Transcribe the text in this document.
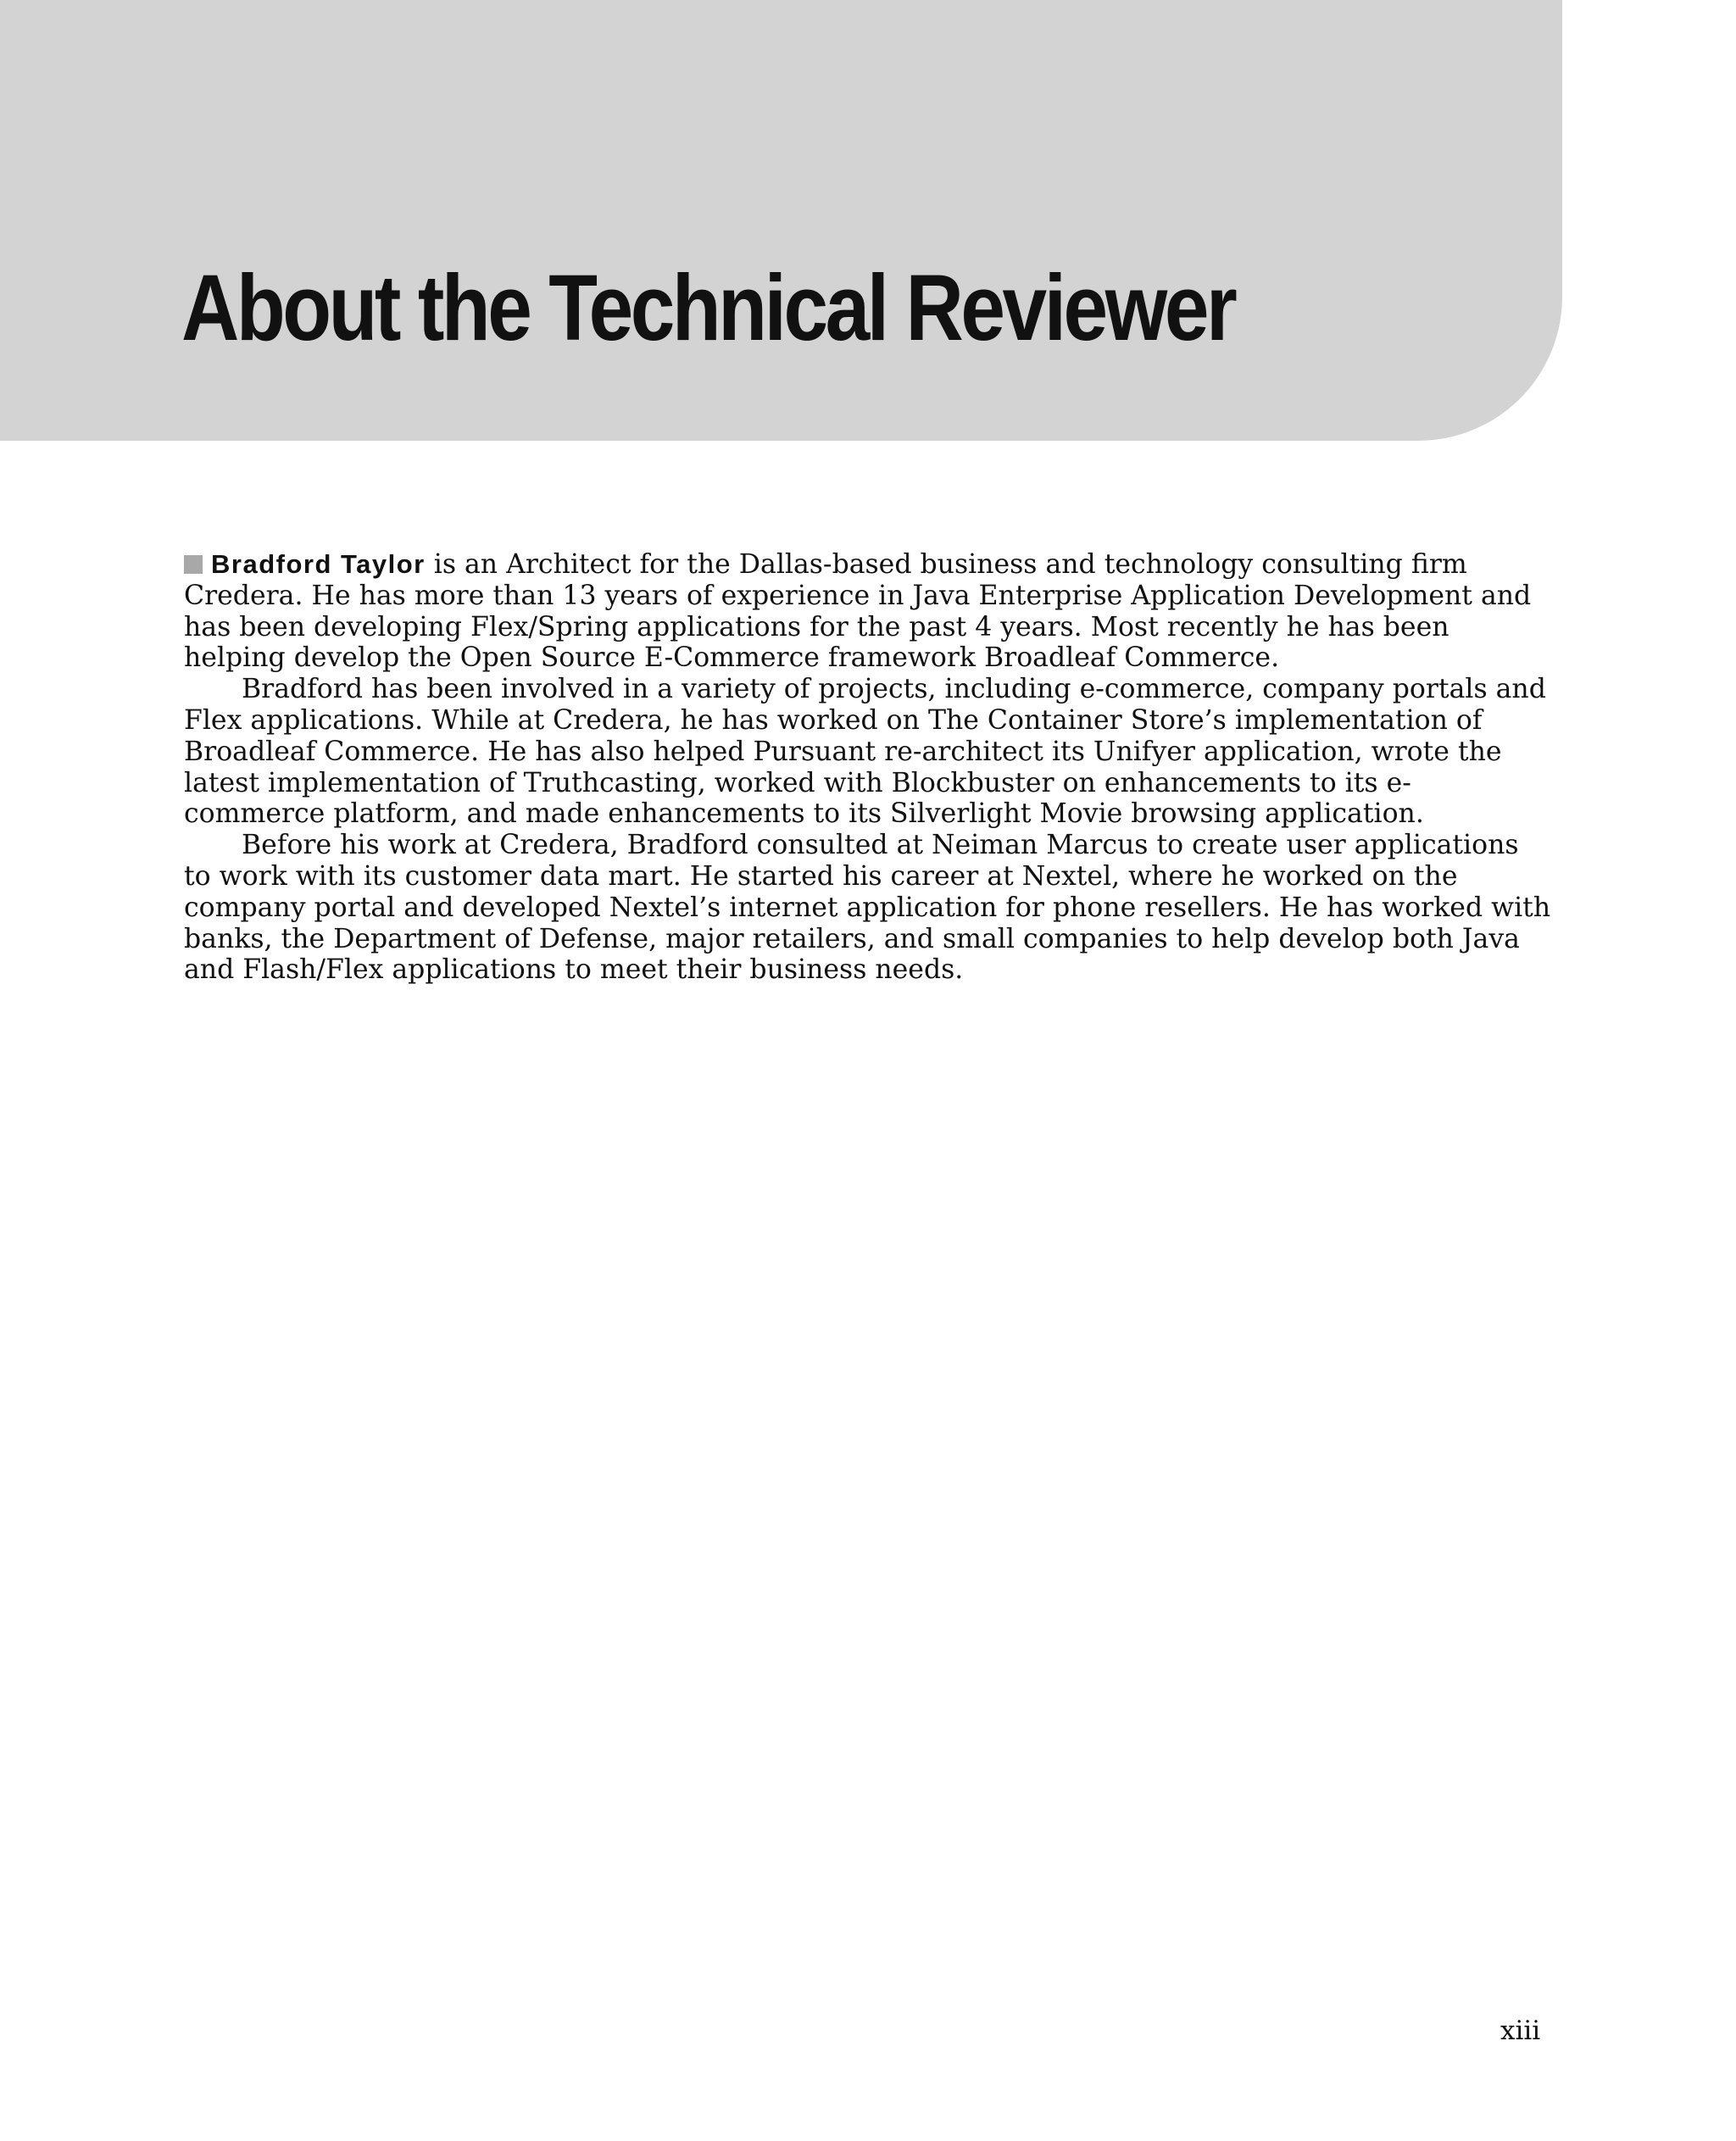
About the Technical Reviewer

Bradford Taylor is an Architect for the Dallas-based business and technology consulting firm Credera. He has more than 13 years of experience in Java Enterprise Application Development and has been developing Flex/Spring applications for the past 4 years. Most recently he has been helping develop the Open Source E-Commerce framework Broadleaf Commerce.

Bradford has been involved in a variety of projects, including e-commerce, company portals and Flex applications. While at Credera, he has worked on The Container Store’s implementation of Broadleaf Commerce. He has also helped Pursuant re-architect its Unifyer application, wrote the latest implementation of Truthcasting, worked with Blockbuster on enhancements to its e-commerce platform, and made enhancements to its Silverlight Movie browsing application.

Before his work at Credera, Bradford consulted at Neiman Marcus to create user applications to work with its customer data mart. He started his career at Nextel, where he worked on the company portal and developed Nextel’s internet application for phone resellers. He has worked with banks, the Department of Defense, major retailers, and small companies to help develop both Java and Flash/Flex applications to meet their business needs.

xiii
